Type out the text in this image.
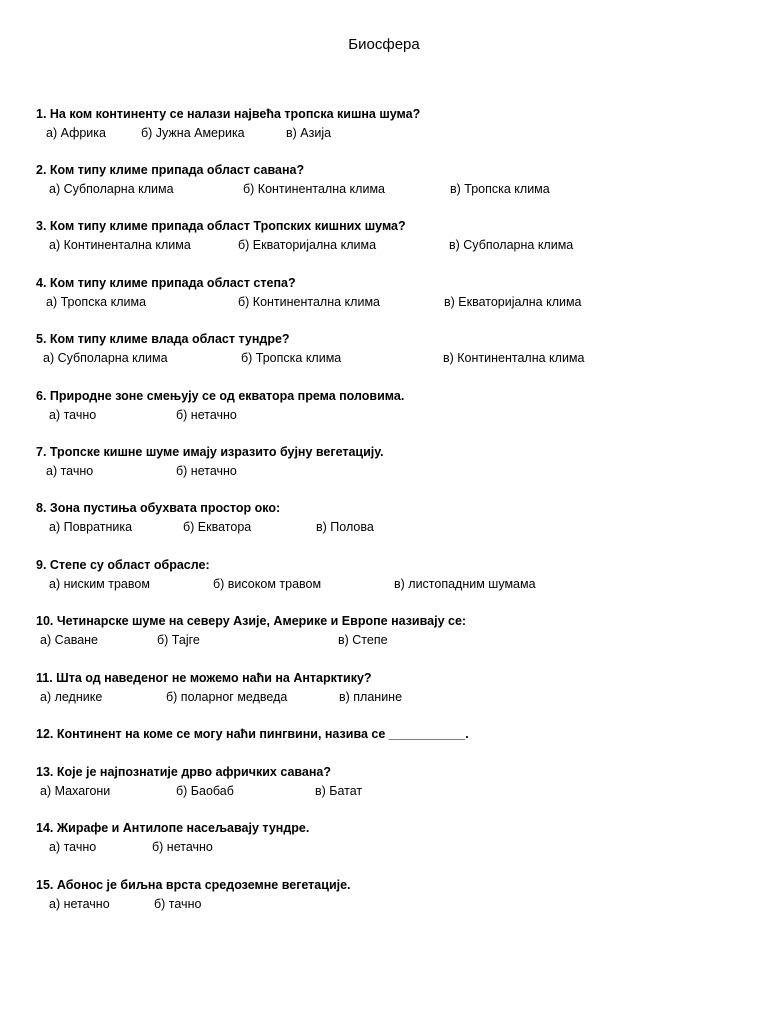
Биосфера

1. На ком континенту се налази највећа тропска кишна шума?

а) Африка	б) Јужна Америка	в) Азија

2. Ком типу климе припада област савана?

а) Субполарна клима	б) Континентална клима	в) Тропска клима

3. Ком типу климе припада област Тропских кишних шума?

а) Континентална клима	б) Екваторијална клима	в) Субполарна клима

4. Ком типу климе припада област степа?

а) Тропска клима	б) Континентална клима	в) Екваторијална клима

5. Ком типу климе влада област тундре?

а) Субполарна клима	б) Тропска клима	в) Континентална клима

6. Природне зоне смењују се од екватора према половима.

а) тачно	б) нетачно

7. Тропске кишне шуме имају изразито бујну вегетацију.

а) тачно	б) нетачно

8. Зона пустиња обухвата простор око:

а) Повратника	б) Екватора	в) Полова

9. Степе су област обрасле:

а) ниским травом	б) високом травом	в) листопадним шумама

10. Четинарске шуме на северу Азије, Америке и Европе називају се:

а) Саване	б) Тајге	в) Степе

11. Шта од наведеног не можемо наћи на Антарктику?

а) леднике	б) поларног медведа	в) планине

12. Континент на коме се могу наћи пингвини, назива се ___________.

13. Које је најпознатије дрво афричких савана?

а) Махагони	б) Баобаб	в) Батат

14. Жирафе и Антилопе насељавају тундре.

а) тачно	б) нетачно

15. Абонос је биљна врста средоземне вегетације.

а) нетачно	б) тачно
